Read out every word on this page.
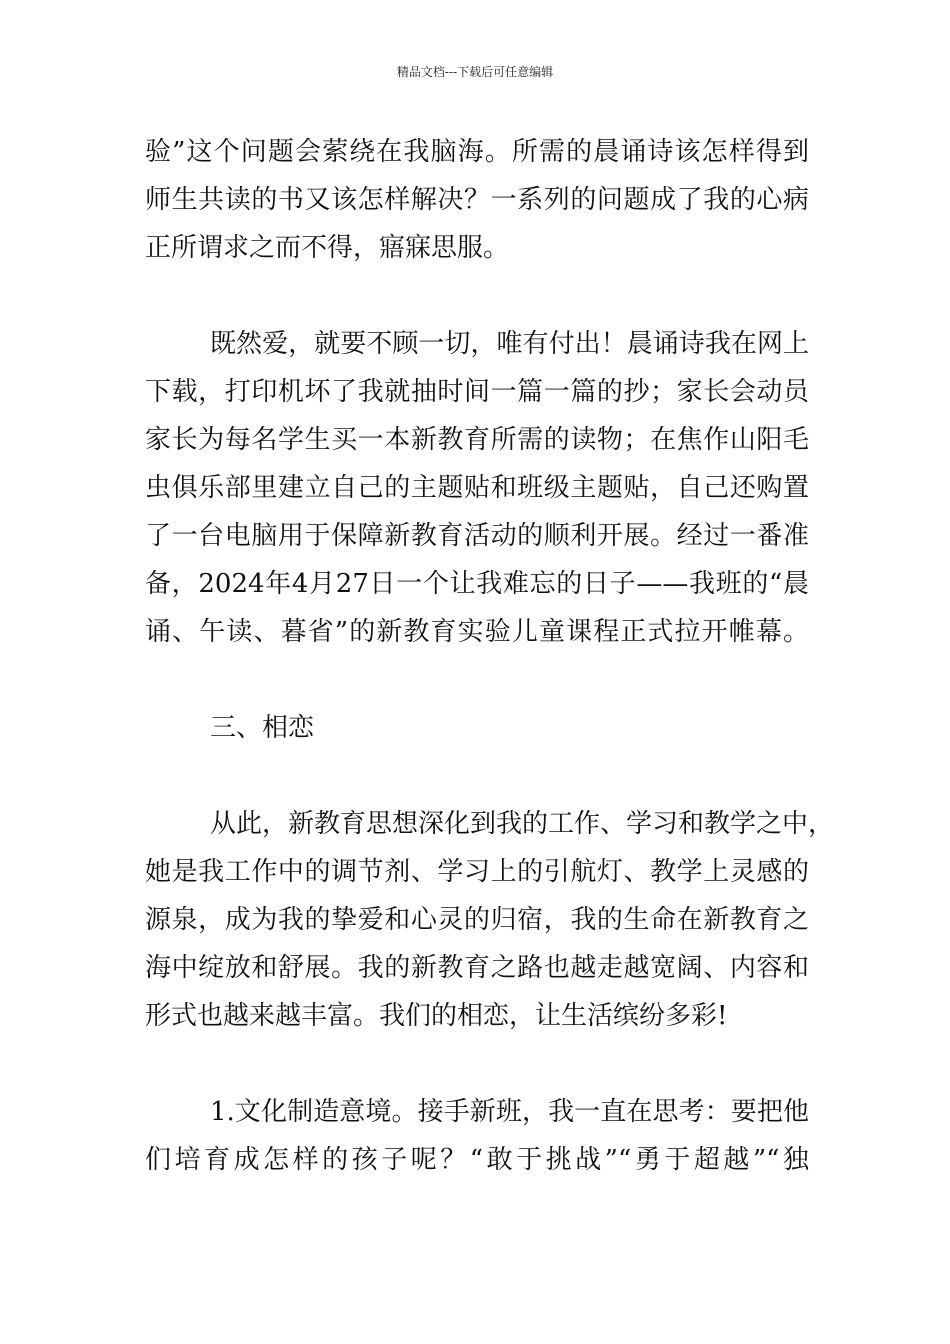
精品文档---下载后可任意编辑
验”这个问题会萦绕在我脑海。所需的晨诵诗该怎样得到
师生共读的书又该怎样解决？一系列的问题成了我的心病
正所谓求之而不得，寤寐思服。
既然爱，就要不顾一切，唯有付出！晨诵诗我在网上
下载，打印机坏了我就抽时间一篇一篇的抄；家长会动员
家长为每名学生买一本新教育所需的读物；在焦作山阳毛
虫俱乐部里建立自己的主题贴和班级主题贴，自己还购置
了一台电脑用于保障新教育活动的顺利开展。经过一番准
备，2024年4月27日一个让我难忘的日子——我班的“晨
诵、午读、暮省”的新教育实验儿童课程正式拉开帷幕。
三、相恋
从此，新教育思想深化到我的工作、学习和教学之中，
她是我工作中的调节剂、学习上的引航灯、教学上灵感的
源泉，成为我的挚爱和心灵的归宿，我的生命在新教育之
海中绽放和舒展。我的新教育之路也越走越宽阔、内容和
形式也越来越丰富。我们的相恋，让生活缤纷多彩!
1.文化制造意境。接手新班，我一直在思考：要把他
们培育成怎样的孩子呢？“敢于挑战”“勇于超越”“独
